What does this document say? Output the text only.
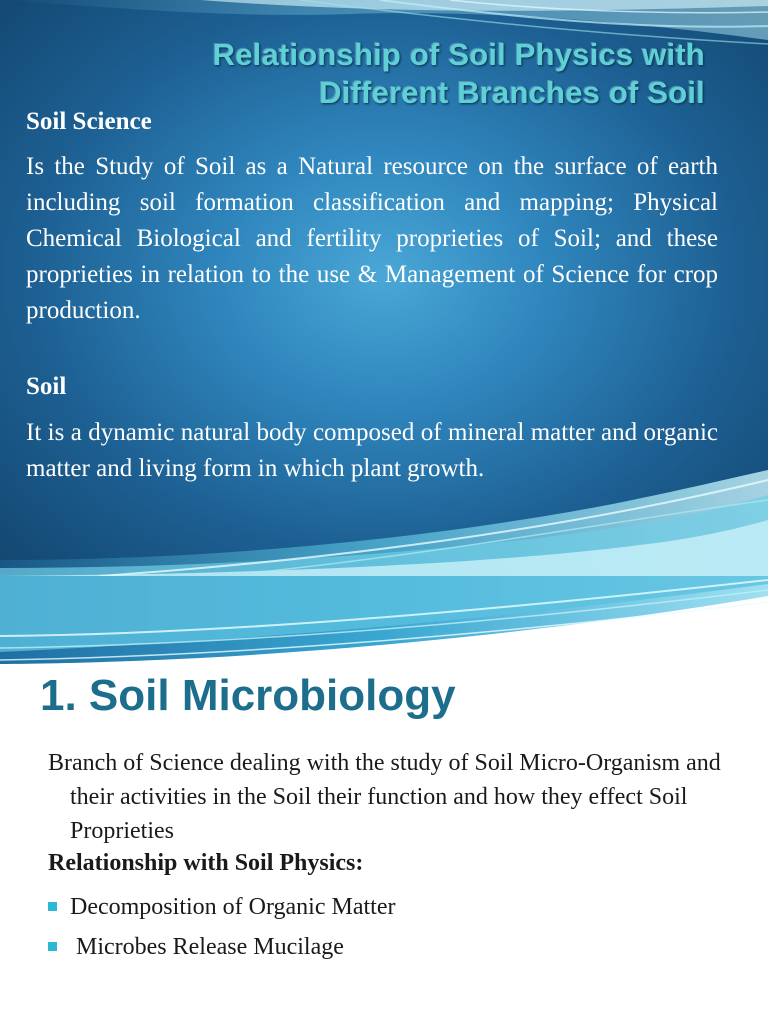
Relationship of Soil Physics with
Different Branches of Soil

Soil Science

Is the Study of Soil as a Natural resource on the surface of earth including soil formation classification and mapping; Physical Chemical Biological and fertility proprieties of Soil; and these proprieties in relation to the use & Management of Science for crop production.

Soil

It is a dynamic natural body composed of mineral matter and organic matter and living form in which plant growth.

1. Soil Microbiology

Branch of Science dealing with the study of Soil Micro-Organism and their activities in the Soil their function and how they effect Soil Proprieties

Relationship with Soil Physics:

Decomposition of Organic Matter
Microbes Release Mucilage
